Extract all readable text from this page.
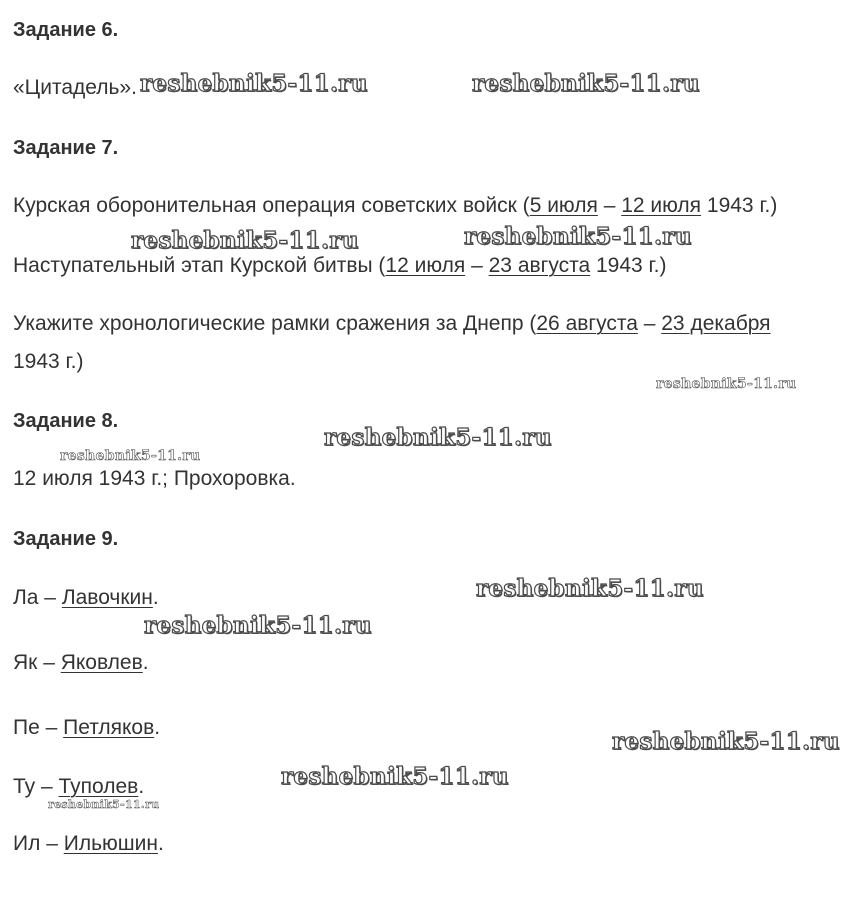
Задание 6.
«Цитадель».
Задание 7.
Курская оборонительная операция советских войск (5 июля – 12 июля 1943 г.)
Наступательный этап Курской битвы (12 июля – 23 августа 1943 г.)
Укажите хронологические рамки сражения за Днепр (26 августа – 23 декабря
1943 г.)
Задание 8.
12 июля 1943 г.; Прохоровка.
Задание 9.
Ла – Лавочкин.
Як – Яковлев.
Пе – Петляков.
Ту – Туполев.
Ил – Ильюшин.
reshebnik5-11.ru	reshebnik5-11.ru
reshebnik5-11.ru	reshebnik5-11.ru
reshebnik5-11.ru
reshebnik5-11.ru
reshebnik5-11.ru
reshebnik5-11.ru
reshebnik5-11.ru
reshebnik5-11.ru
reshebnik5-11.ru
reshebnik5-11.ru
